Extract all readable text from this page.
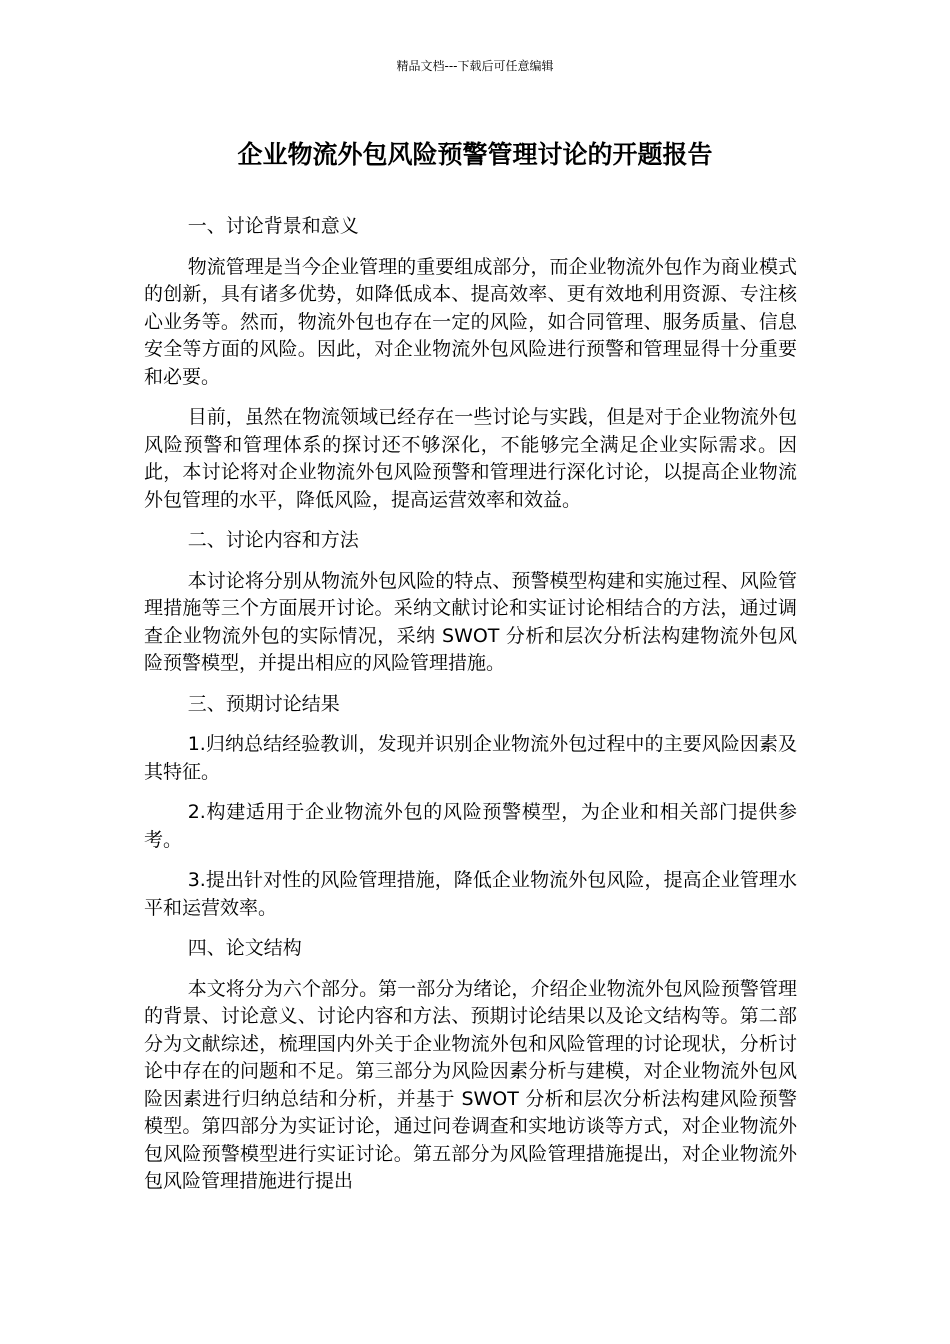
精品文档---下载后可任意编辑
企业物流外包风险预警管理讨论的开题报告

一、讨论背景和意义

物流管理是当今企业管理的重要组成部分，而企业物流外包作为商业模式的创新，具有诸多优势，如降低成本、提高效率、更有效地利用资源、专注核心业务等。然而，物流外包也存在一定的风险，如合同管理、服务质量、信息安全等方面的风险。因此，对企业物流外包风险进行预警和管理显得十分重要和必要。

目前，虽然在物流领域已经存在一些讨论与实践，但是对于企业物流外包风险预警和管理体系的探讨还不够深化，不能够完全满足企业实际需求。因此，本讨论将对企业物流外包风险预警和管理进行深化讨论，以提高企业物流外包管理的水平，降低风险，提高运营效率和效益。

二、讨论内容和方法

本讨论将分别从物流外包风险的特点、预警模型构建和实施过程、风险管理措施等三个方面展开讨论。采纳文献讨论和实证讨论相结合的方法，通过调查企业物流外包的实际情况，采纳 SWOT 分析和层次分析法构建物流外包风险预警模型，并提出相应的风险管理措施。

三、预期讨论结果

1.归纳总结经验教训，发现并识别企业物流外包过程中的主要风险因素及其特征。

2.构建适用于企业物流外包的风险预警模型，为企业和相关部门提供参考。

3.提出针对性的风险管理措施，降低企业物流外包风险，提高企业管理水平和运营效率。

四、论文结构

本文将分为六个部分。第一部分为绪论，介绍企业物流外包风险预警管理的背景、讨论意义、讨论内容和方法、预期讨论结果以及论文结构等。第二部分为文献综述，梳理国内外关于企业物流外包和风险管理的讨论现状，分析讨论中存在的问题和不足。第三部分为风险因素分析与建模，对企业物流外包风险因素进行归纳总结和分析，并基于 SWOT 分析和层次分析法构建风险预警模型。第四部分为实证讨论，通过问卷调查和实地访谈等方式，对企业物流外包风险预警模型进行实证讨论。第五部分为风险管理措施提出，对企业物流外包风险管理措施进行提出
